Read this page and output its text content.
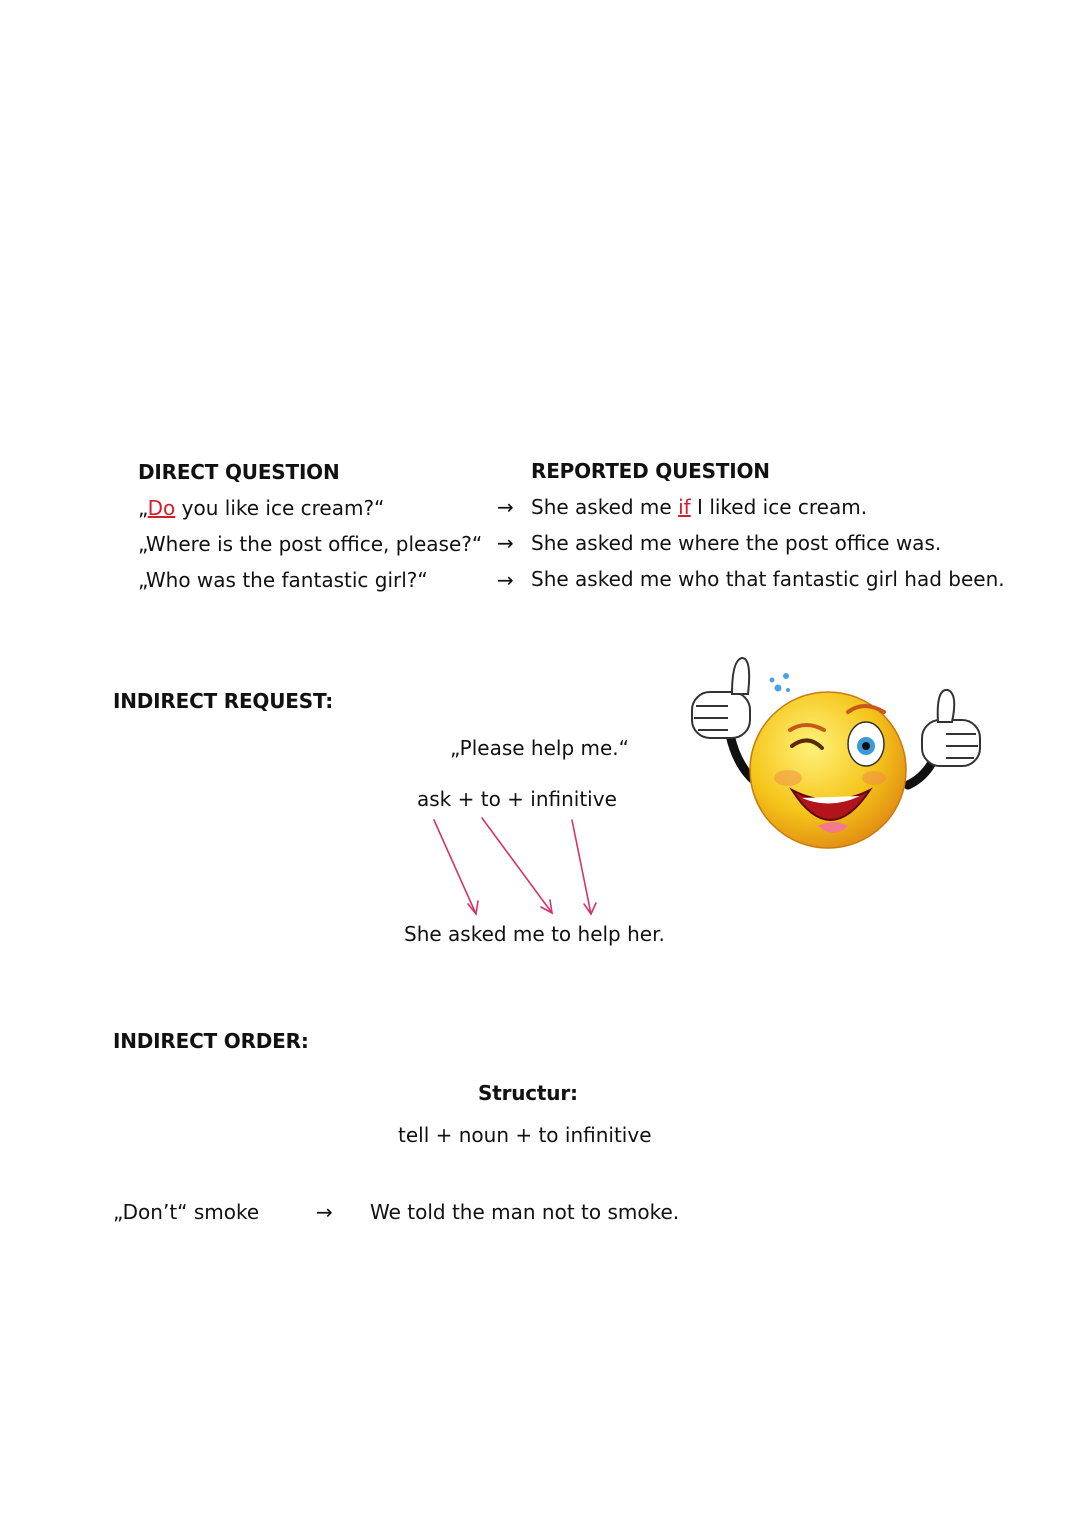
DIRECT QUESTION	REPORTED QUESTION
„Do you like ice cream?“	→ She asked me if I liked ice cream.
„Where is the post office, please?“ → She asked me where the post office was.
„Who was the fantastic girl?“	→ She asked me who that fantastic girl had been.
INDIRECT REQUEST:
„Please help me.“
ask + to + infinitive
She asked me to help her.
INDIRECT ORDER:
Structur:
tell + noun + to infinitive
„Don’t“ smoke	→ We told the man not to smoke.
